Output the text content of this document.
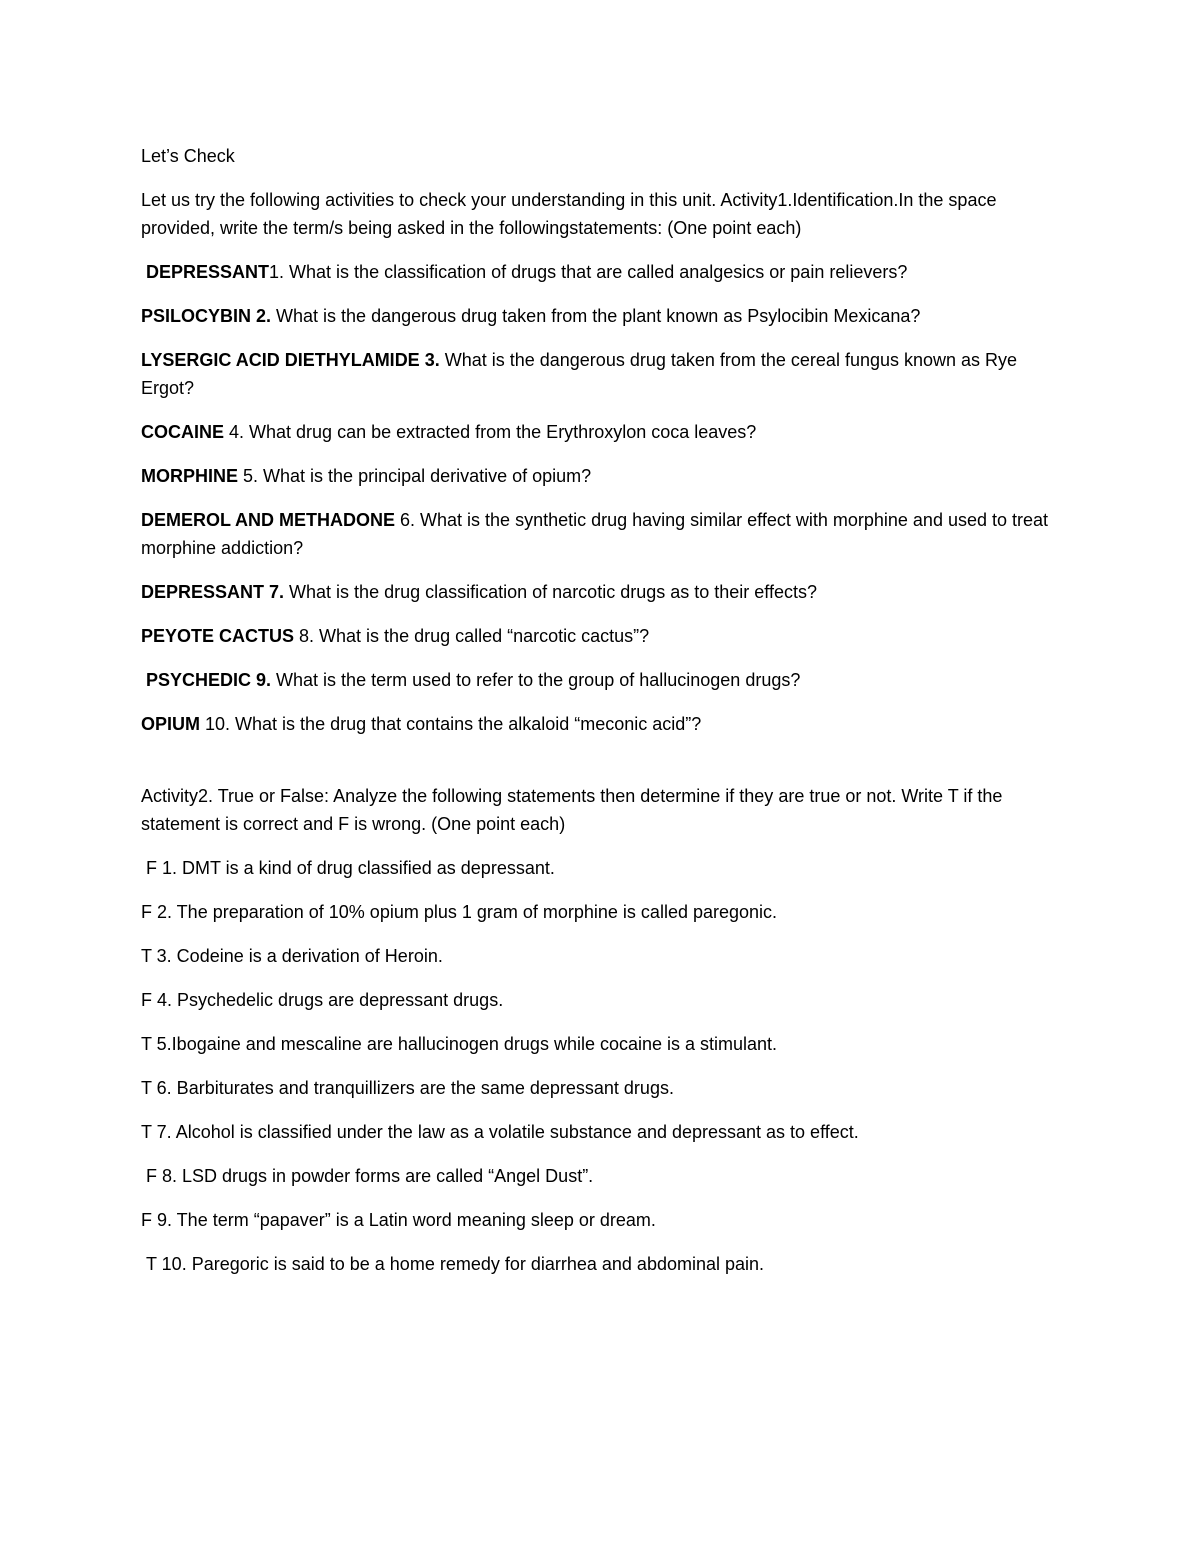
Let’s Check

Let us try the following activities to check your understanding in this unit. Activity1.Identification.In the space provided, write the term/s being asked in the followingstatements: (One point each)

DEPRESSANT1. What is the classification of drugs that are called analgesics or pain relievers?

PSILOCYBIN 2. What is the dangerous drug taken from the plant known as Psylocibin Mexicana?

LYSERGIC ACID DIETHYLAMIDE 3. What is the dangerous drug taken from the cereal fungus known as Rye Ergot?

COCAINE 4. What drug can be extracted from the Erythroxylon coca leaves?

MORPHINE 5. What is the principal derivative of opium?

DEMEROL AND METHADONE 6. What is the synthetic drug having similar effect with morphine and used to treat morphine addiction?

DEPRESSANT 7. What is the drug classification of narcotic drugs as to their effects?

PEYOTE CACTUS 8. What is the drug called “narcotic cactus”?

PSYCHEDIC 9. What is the term used to refer to the group of hallucinogen drugs?

OPIUM 10. What is the drug that contains the alkaloid “meconic acid”?

Activity2. True or False: Analyze the following statements then determine if they are true or not. Write T if the statement is correct and F is wrong. (One point each)

F 1. DMT is a kind of drug classified as depressant.

F 2. The preparation of 10% opium plus 1 gram of morphine is called paregonic.

T 3. Codeine is a derivation of Heroin.

F 4. Psychedelic drugs are depressant drugs.

T 5.Ibogaine and mescaline are hallucinogen drugs while cocaine is a stimulant.

T 6. Barbiturates and tranquillizers are the same depressant drugs.

T 7. Alcohol is classified under the law as a volatile substance and depressant as to effect.

F 8. LSD drugs in powder forms are called “Angel Dust”.

F 9. The term “papaver” is a Latin word meaning sleep or dream.

T 10. Paregoric is said to be a home remedy for diarrhea and abdominal pain.
